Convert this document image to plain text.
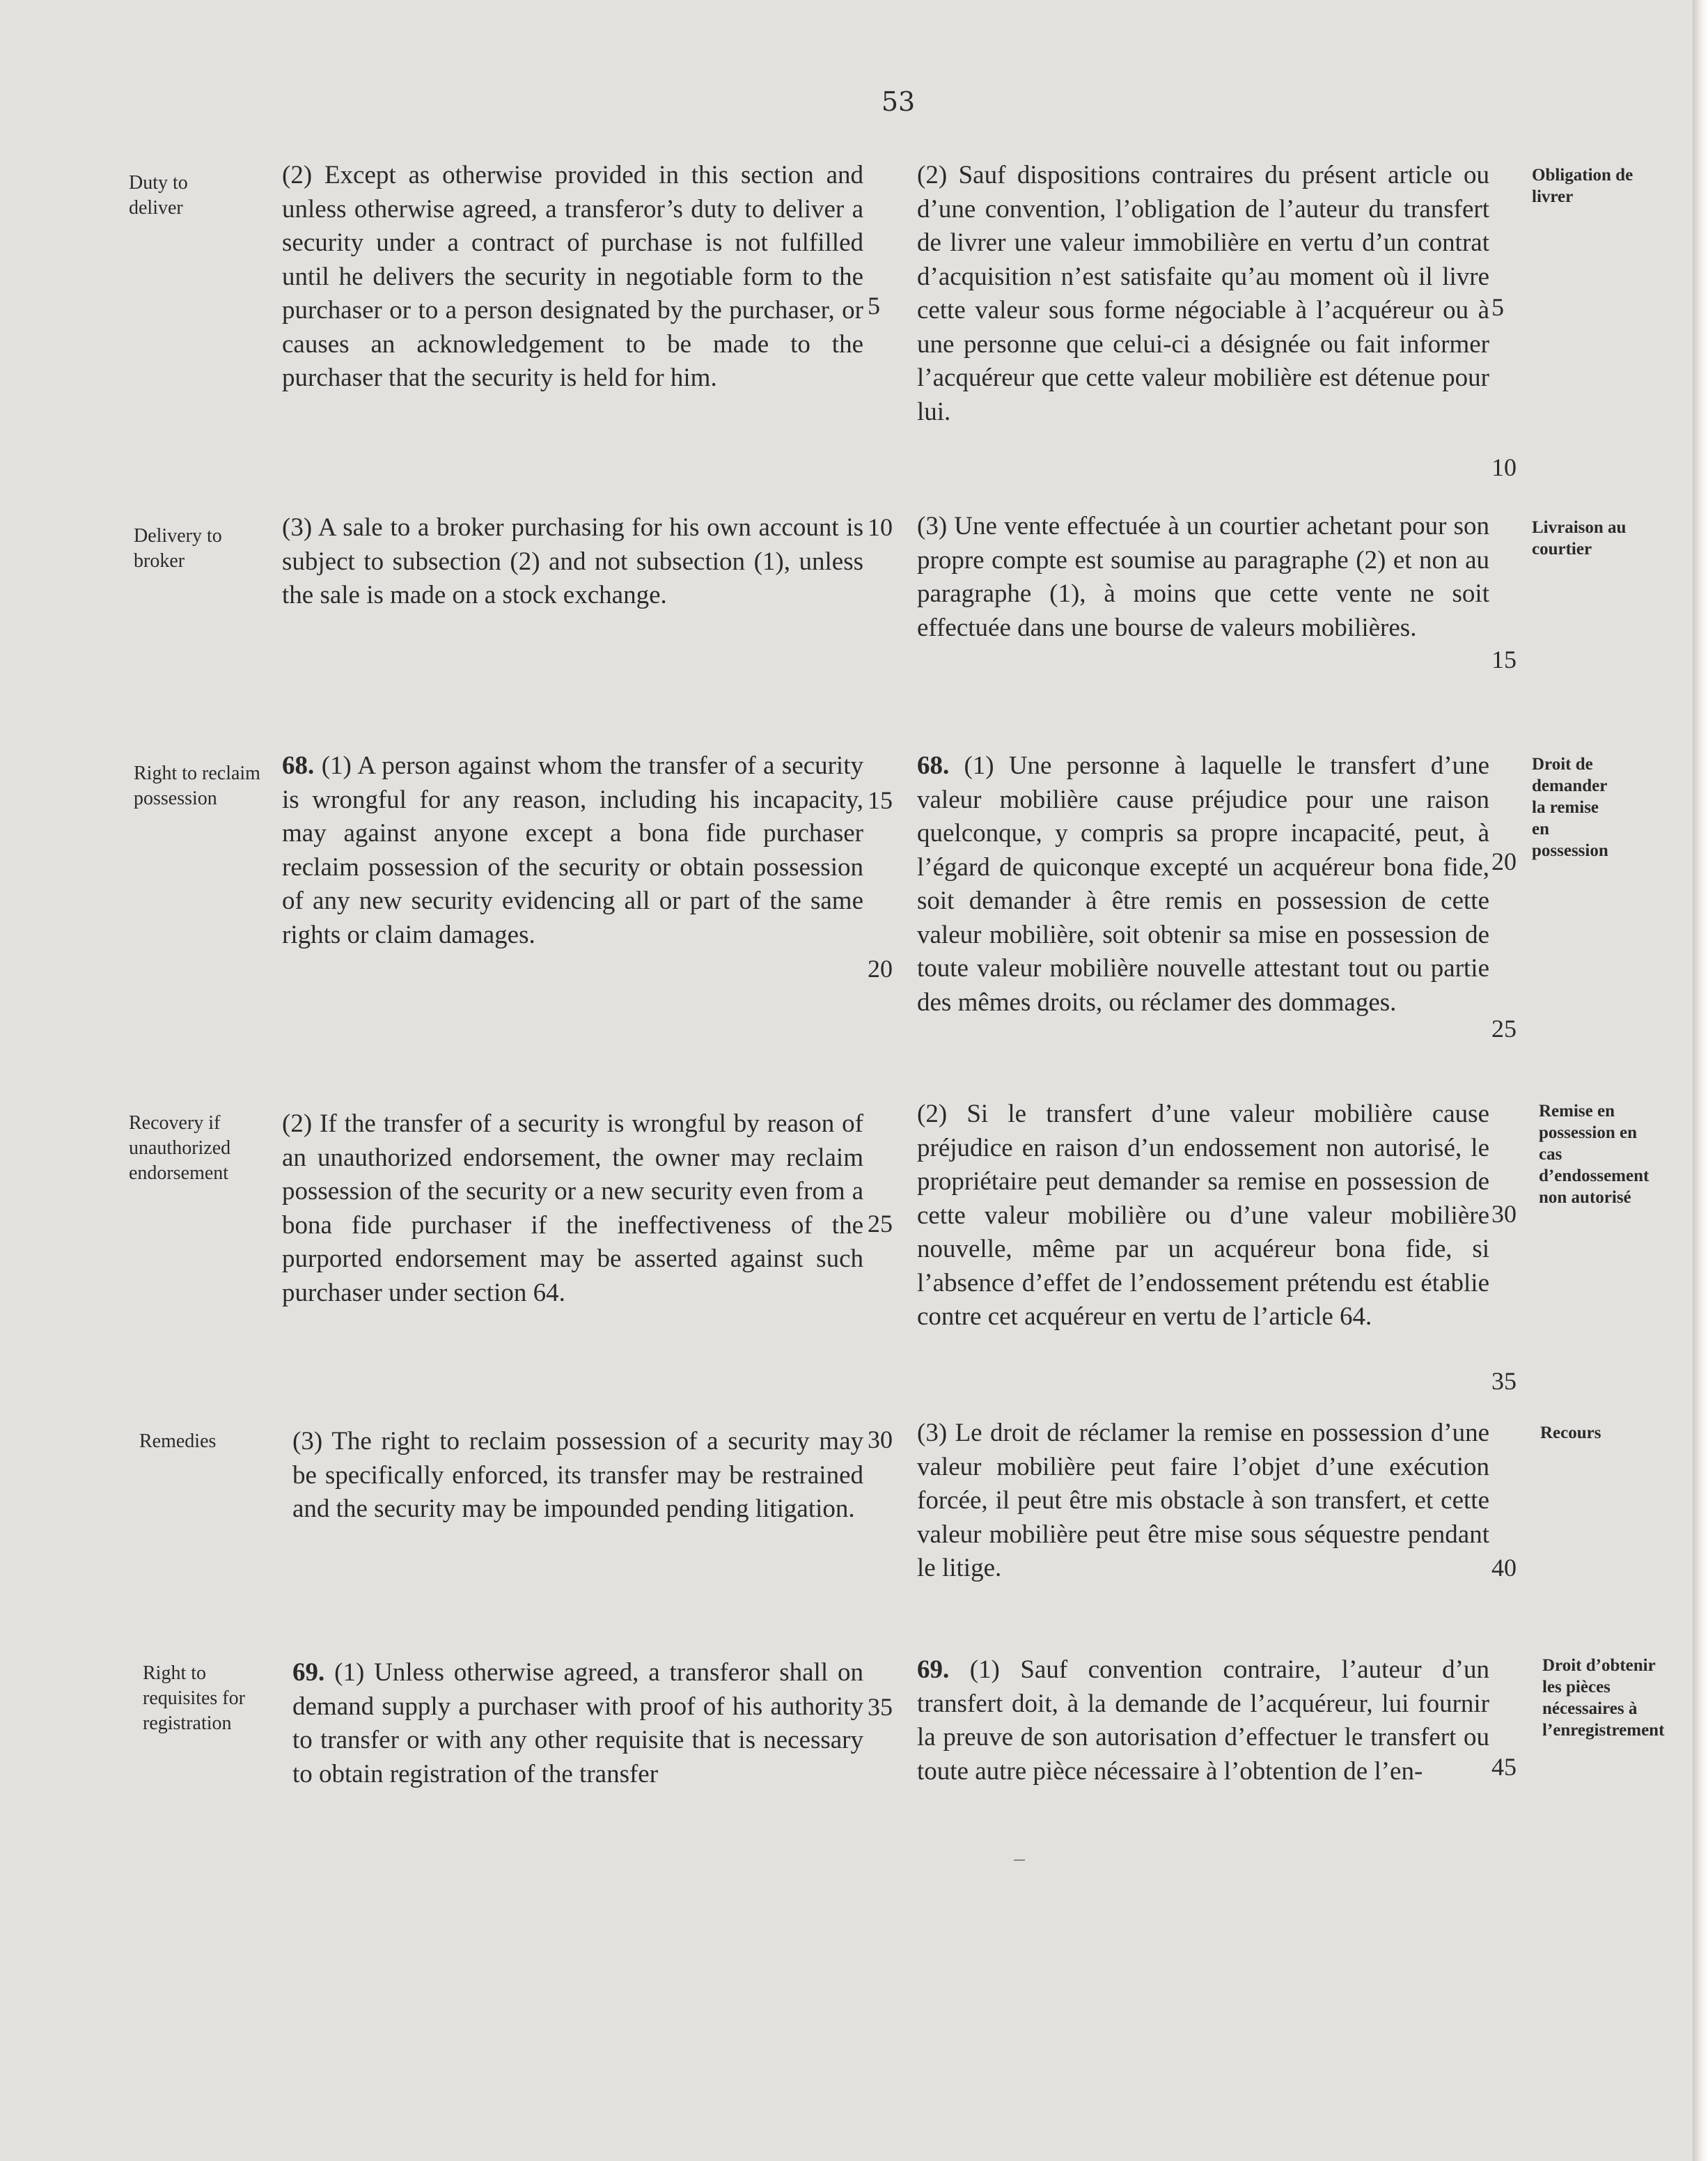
53
Duty to deliver
(2) Except as otherwise provided in this section and unless otherwise agreed, a transferor’s duty to deliver a security under a contract of purchase is not fulfilled until he delivers the security in negotiable form to the purchaser or to a person designated by the purchaser, or causes an acknowledgement to be made to the purchaser that the security is held for him.
(2) Sauf dispositions contraires du présent article ou d’une convention, l’obligation de l’auteur du transfert de livrer une valeur immobilière en vertu d’un contrat d’acquisition n’est satisfaite qu’au moment où il livre cette valeur sous forme négociable à l’acquéreur ou à une personne que celui-ci a désignée ou fait informer l’acquéreur que cette valeur mobilière est détenue pour lui.
Obligation de livrer
Delivery to broker
(3) A sale to a broker purchasing for his own account is subject to subsection (2) and not subsection (1), unless the sale is made on a stock exchange.
(3) Une vente effectuée à un courtier achetant pour son propre compte est soumise au paragraphe (2) et non au paragraphe (1), à moins que cette vente ne soit effectuée dans une bourse de valeurs mobilières.
Livraison au courtier
Right to reclaim possession
68. (1) A person against whom the transfer of a security is wrongful for any reason, including his incapacity, may against anyone except a bona fide purchaser reclaim possession of the security or obtain possession of any new security evidencing all or part of the same rights or claim damages.
68. (1) Une personne à laquelle le transfert d’une valeur mobilière cause préjudice pour une raison quelconque, y compris sa propre incapacité, peut, à l’égard de quiconque excepté un acquéreur bona fide, soit demander à être remis en possession de cette valeur mobilière, soit obtenir sa mise en possession de toute valeur mobilière nouvelle attestant tout ou partie des mêmes droits, ou réclamer des dommages.
Droit de demander la remise en possession
Recovery if unauthorized endorsement
(2) If the transfer of a security is wrongful by reason of an unauthorized endorsement, the owner may reclaim possession of the security or a new security even from a bona fide purchaser if the ineffectiveness of the purported endorsement may be asserted against such purchaser under section 64.
(2) Si le transfert d’une valeur mobilière cause préjudice en raison d’un endossement non autorisé, le propriétaire peut demander sa remise en possession de cette valeur mobilière ou d’une valeur mobilière nouvelle, même par un acquéreur bona fide, si l’absence d’effet de l’endossement prétendu est établie contre cet acquéreur en vertu de l’article 64.
Remise en possession en cas d’endossement non autorisé
Remedies	(3) The right to reclaim possession of a security may be specifically enforced, its transfer may be restrained and the security may be impounded pending litigation.
(3) Le droit de réclamer la remise en possession d’une valeur mobilière peut faire l’objet d’une exécution forcée, il peut être mis obstacle à son transfert, et cette valeur mobilière peut être mise sous séquestre pendant le litige.
Recours
Right to requisites for registration
69. (1) Unless otherwise agreed, a transferor shall on demand supply a purchaser with proof of his authority to transfer or with any other requisite that is necessary to obtain registration of the transfer
69. (1) Sauf convention contraire, l’auteur d’un transfert doit, à la demande de l’acquéreur, lui fournir la preuve de son autorisation d’effectuer le transfert ou toute autre pièce nécessaire à l’obtention de l’en-
Droit d’obtenir les pièces nécessaires à l’enregistrement
5
10
15
20
25
30
35
5
10
15
20
25
30
35
40
45
